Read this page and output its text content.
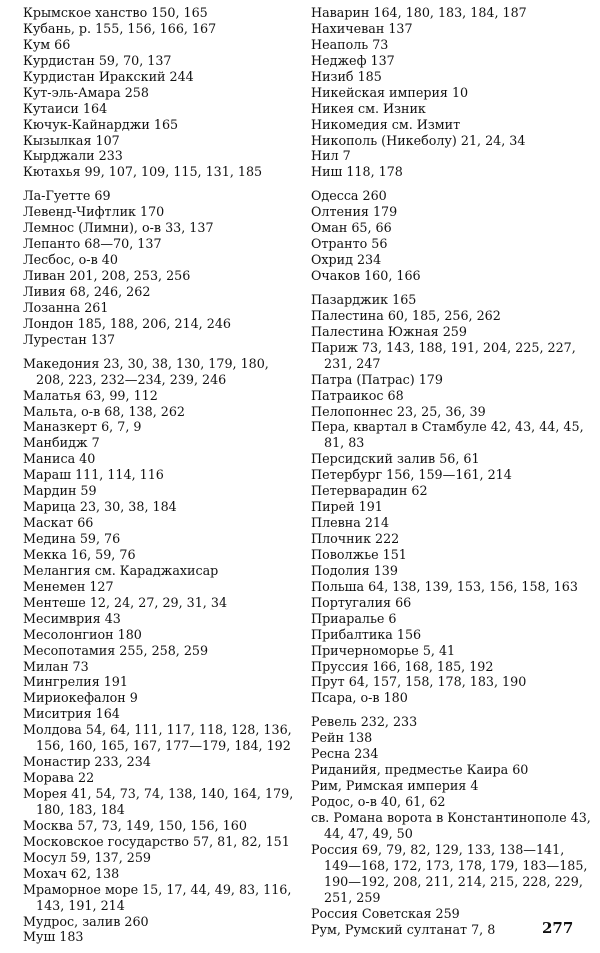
Крымское ханство 150, 165
Кубань, р. 155, 156, 166, 167
Кум 66
Курдистан 59, 70, 137
Курдистан Иракский 244
Кут-эль-Амара 258
Кутаиси 164
Кючук-Кайнарджи 165
Кызылкая 107
Кырджали 233
Кютахья 99, 107, 109, 115, 131, 185
Ла-Гуетте 69
Левенд-Чифтлик 170
Лемнос (Лимни), о-в 33, 137
Лепанто 68—70, 137
Лесбос, о-в 40
Ливан 201, 208, 253, 256
Ливия 68, 246, 262
Лозанна 261
Лондон 185, 188, 206, 214, 246
Лурестан 137
Македония 23, 30, 38, 130, 179, 180, 208, 223, 232—234, 239, 246
Малатья 63, 99, 112
Мальта, о-в 68, 138, 262
Маназкерт 6, 7, 9
Манбидж 7
Маниса 40
Мараш 111, 114, 116
Мардин 59
Марица 23, 30, 38, 184
Маскат 66
Медина 59, 76
Мекка 16, 59, 76
Мелангия см. Караджахисар
Менемен 127
Ментеше 12, 24, 27, 29, 31, 34
Месимврия 43
Месолонгион 180
Месопотамия 255, 258, 259
Милан 73
Мингрелия 191
Мириокефалон 9
Миситрия 164
Молдова 54, 64, 111, 117, 118, 128, 136, 156, 160, 165, 167, 177—179, 184, 192
Монастир 233, 234
Морава 22
Морея 41, 54, 73, 74, 138, 140, 164, 179, 180, 183, 184
Москва 57, 73, 149, 150, 156, 160
Московское государство 57, 81, 82, 151
Мосул 59, 137, 259
Мохач 62, 138
Мраморное море 15, 17, 44, 49, 83, 116, 143, 191, 214
Мудрос, залив 260
Муш 183
Наварин 164, 180, 183, 184, 187
Нахичеван 137
Неаполь 73
Неджеф 137
Низиб 185
Никейская империя 10
Никея см. Изник
Никомедия см. Измит
Никополь (Никеболу) 21, 24, 34
Нил 7
Ниш 118, 178
Одесса 260
Олтения 179
Оман 65, 66
Отранто 56
Охрид 234
Очаков 160, 166
Пазарджик 165
Палестина 60, 185, 256, 262
Палестина Южная 259
Париж 73, 143, 188, 191, 204, 225, 227, 231, 247
Патра (Патрас) 179
Патраикос 68
Пелопоннес 23, 25, 36, 39
Пера, квартал в Стамбуле 42, 43, 44, 45, 81, 83
Персидский залив 56, 61
Петербург 156, 159—161, 214
Петерварадин 62
Пирей 191
Плевна 214
Плочник 222
Поволжье 151
Подолия 139
Польша 64, 138, 139, 153, 156, 158, 163
Португалия 66
Приаралье 6
Прибалтика 156
Причерноморье 5, 41
Пруссия 166, 168, 185, 192
Прут 64, 157, 158, 178, 183, 190
Псара, о-в 180
Ревель 232, 233
Рейн 138
Ресна 234
Риданийя, предместье Каира 60
Рим, Римская империя 4
Родос, о-в 40, 61, 62
св. Романа ворота в Константинополе 43, 44, 47, 49, 50
Россия 69, 79, 82, 129, 133, 138—141, 149—168, 172, 173, 178, 179, 183—185, 190—192, 208, 211, 214, 215, 228, 229, 251, 259
Россия Советская 259
Рум, Румский султанат 7, 8	277
